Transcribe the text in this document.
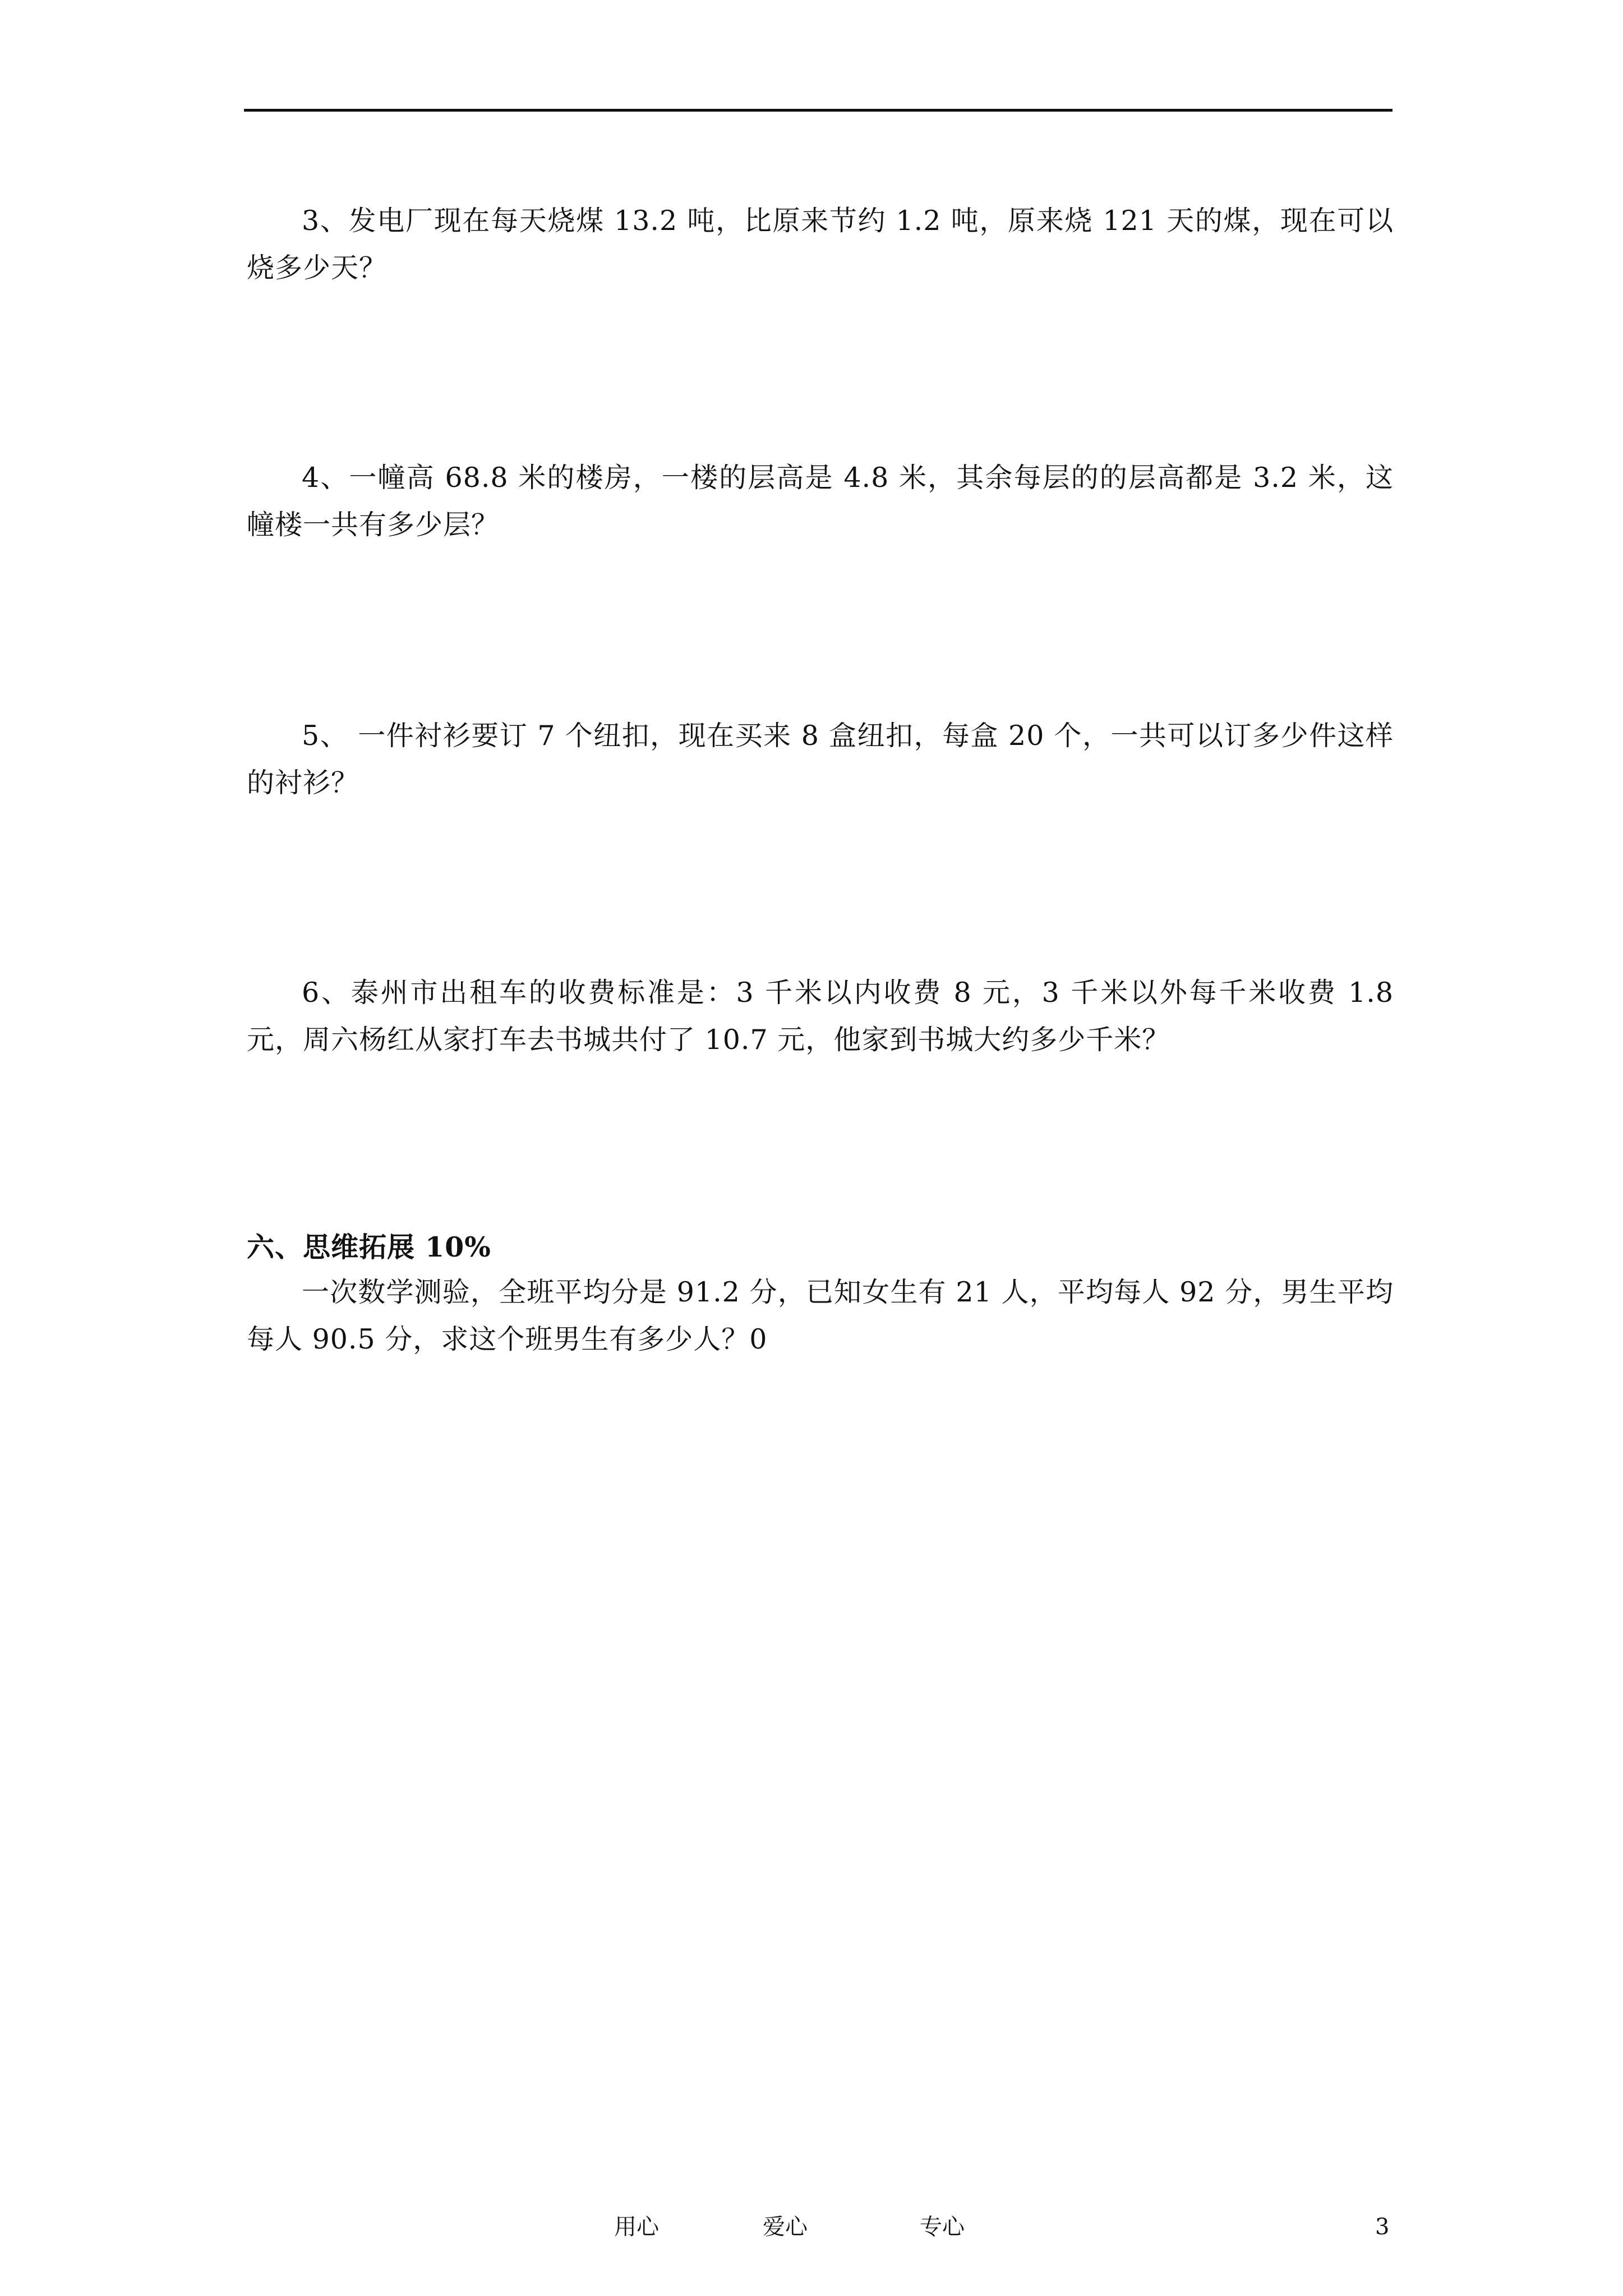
3、发电厂现在每天烧煤 13.2 吨，比原来节约 1.2 吨，原来烧 121 天的煤，现在可以烧多少天？

4、一幢高 68.8 米的楼房，一楼的层高是 4.8 米，其余每层的的层高都是 3.2 米，这幢楼一共有多少层？

5、 一件衬衫要订 7 个纽扣，现在买来 8 盒纽扣，每盒 20 个，一共可以订多少件这样的衬衫？

6、泰州市出租车的收费标准是：3 千米以内收费 8 元，3 千米以外每千米收费 1.8 元，周六杨红从家打车去书城共付了 10.7 元，他家到书城大约多少千米？

六、思维拓展 10%

一次数学测验，全班平均分是 91.2 分，已知女生有 21 人，平均每人 92 分，男生平均每人 90.5 分，求这个班男生有多少人？0

用心	爱心	专心	3
